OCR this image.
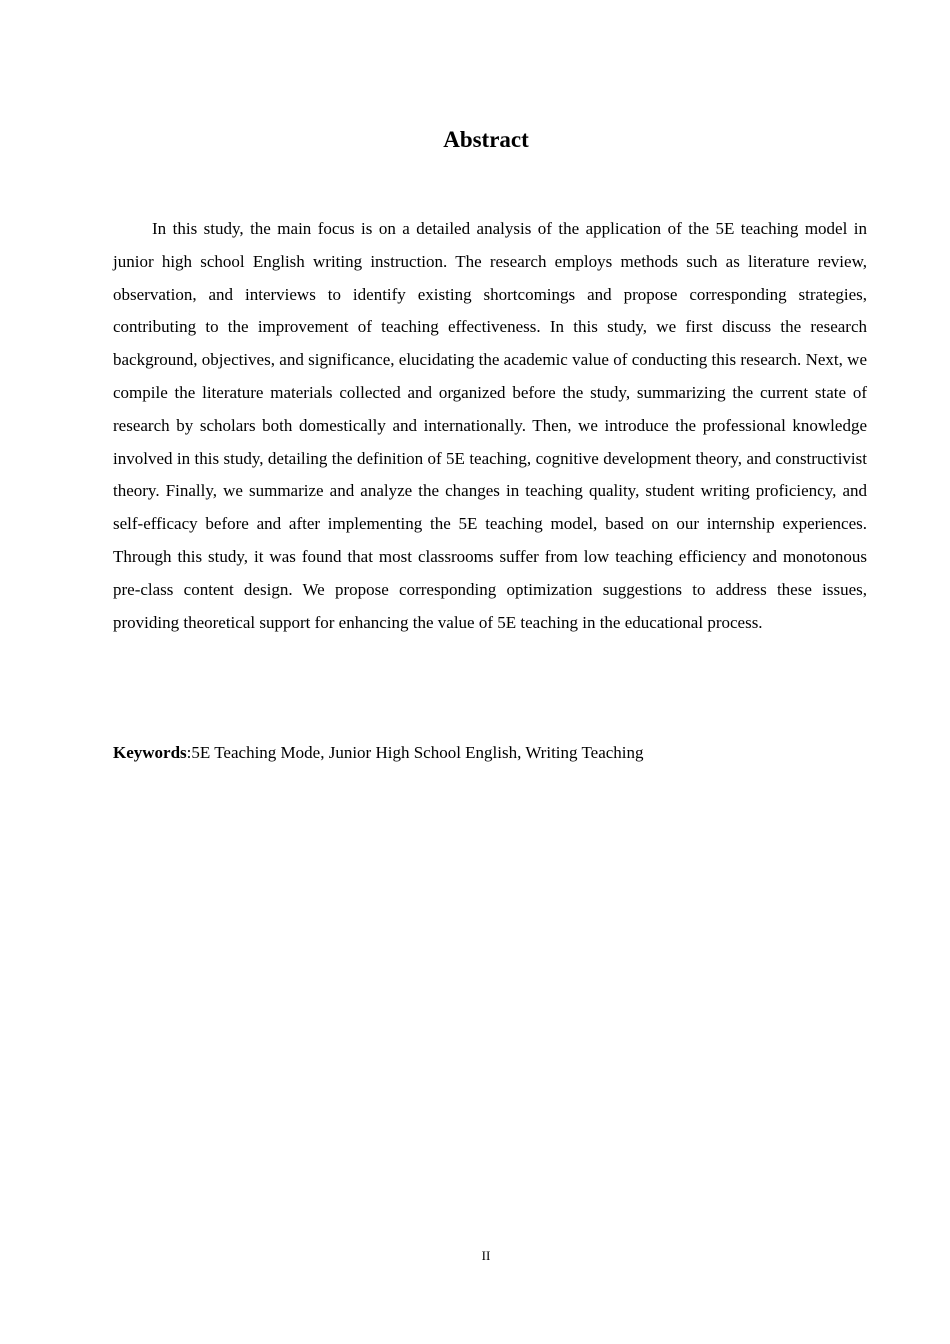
Abstract

In this study, the main focus is on a detailed analysis of the application of the 5E teaching model in junior high school English writing instruction. The research employs methods such as literature review, observation, and interviews to identify existing shortcomings and propose corresponding strategies, contributing to the improvement of teaching effectiveness. In this study, we first discuss the research background, objectives, and significance, elucidating the academic value of conducting this research. Next, we compile the literature materials collected and organized before the study, summarizing the current state of research by scholars both domestically and internationally. Then, we introduce the professional knowledge involved in this study, detailing the definition of 5E teaching, cognitive development theory, and constructivist theory. Finally, we summarize and analyze the changes in teaching quality, student writing proficiency, and self-efficacy before and after implementing the 5E teaching model, based on our internship experiences. Through this study, it was found that most classrooms suffer from low teaching efficiency and monotonous pre-class content design. We propose corresponding optimization suggestions to address these issues, providing theoretical support for enhancing the value of 5E teaching in the educational process.

Keywords:5E Teaching Mode, Junior High School English, Writing Teaching

II
